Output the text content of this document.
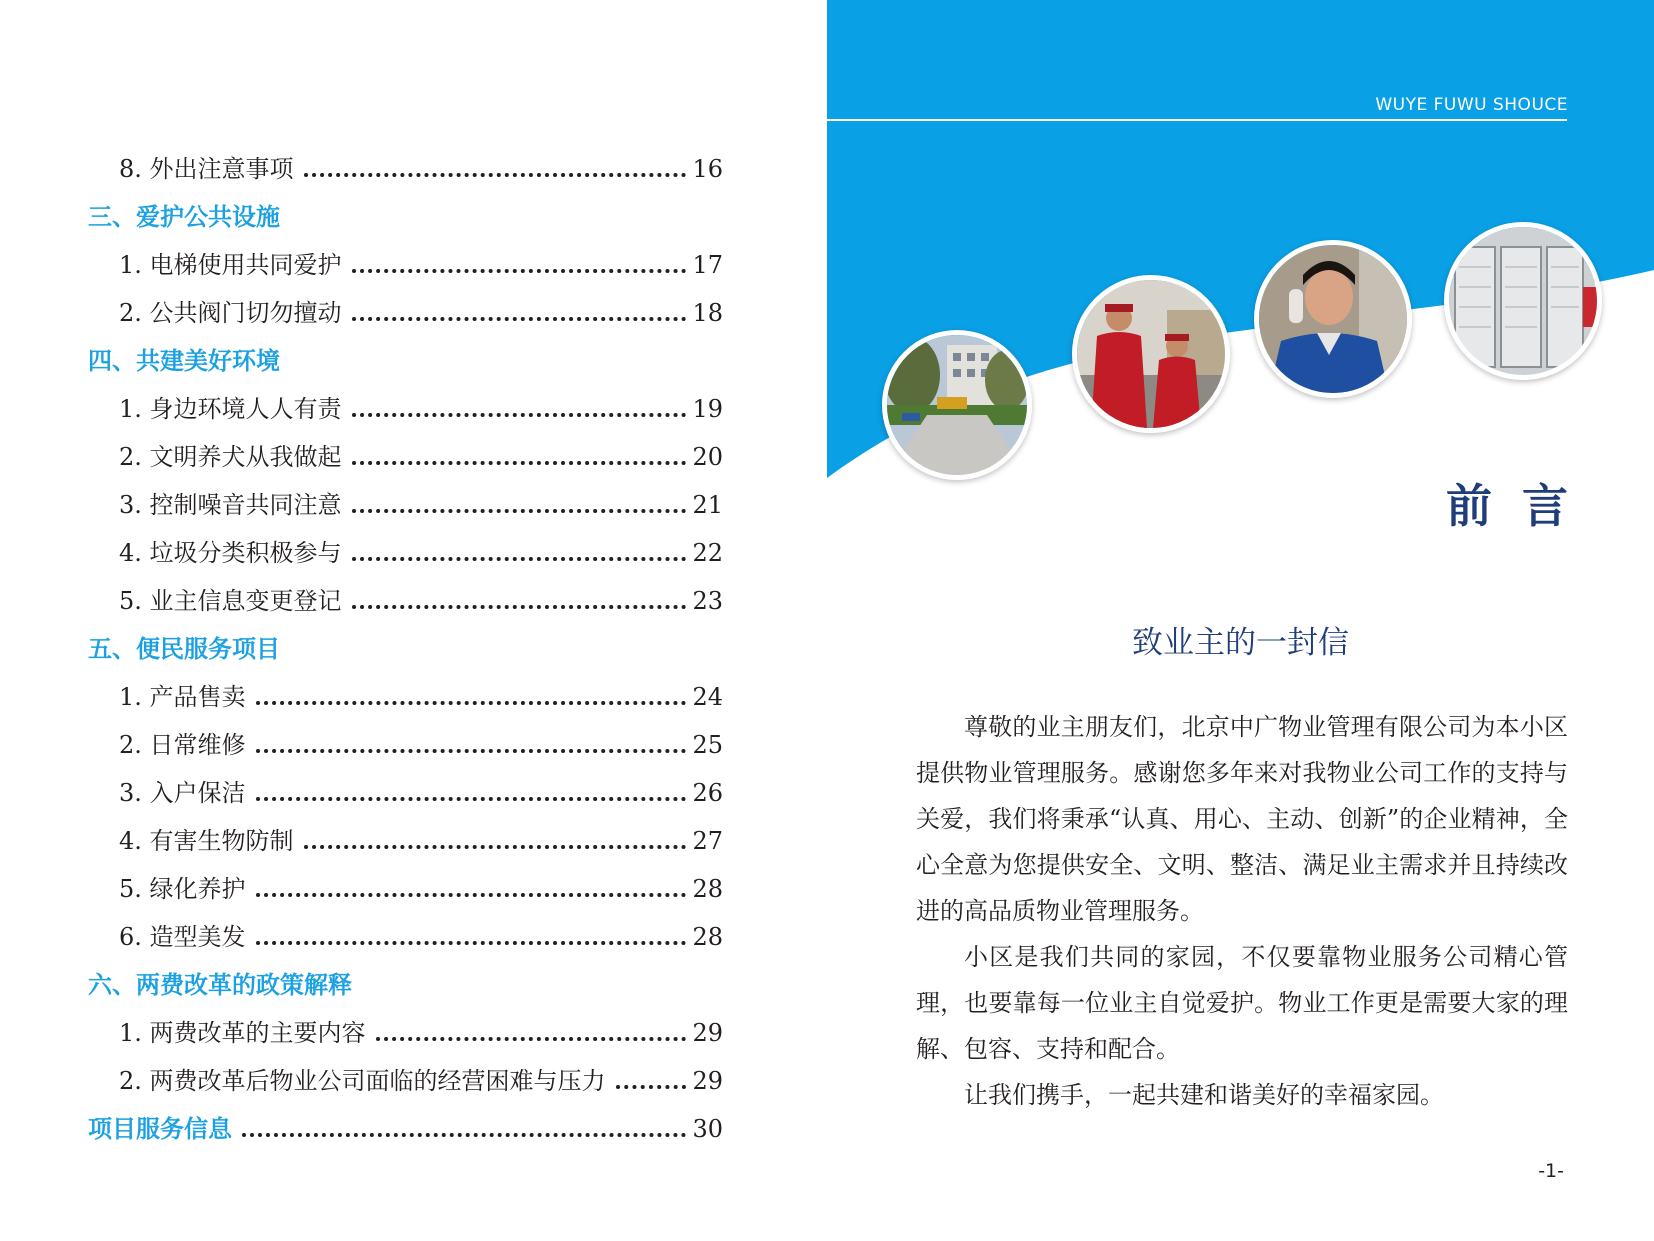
8. 外出注意事项	16
三、爱护公共设施
1. 电梯使用共同爱护	17
2. 公共阀门切勿擅动	18
四、共建美好环境
1. 身边环境人人有责	19
2. 文明养犬从我做起	20
3. 控制噪音共同注意	21
4. 垃圾分类积极参与	22
5. 业主信息变更登记	23
五、便民服务项目
1. 产品售卖	24
2. 日常维修	25
3. 入户保洁	26
4. 有害生物防制	27
5. 绿化养护	28
6. 造型美发	28
六、两费改革的政策解释
1. 两费改革的主要内容	29
2. 两费改革后物业公司面临的经营困难与压力	29
项目服务信息	30
WUYE FUWU SHOUCE
前言
致业主的一封信

尊敬的业主朋友们，北京中广物业管理有限公司为本小区提供物业管理服务。感谢您多年来对我物业公司工作的支持与关爱，我们将秉承“认真、用心、主动、创新”的企业精神，全心全意为您提供安全、文明、整洁、满足业主需求并且持续改进的高品质物业管理服务。

小区是我们共同的家园，不仅要靠物业服务公司精心管理，也要靠每一位业主自觉爱护。物业工作更是需要大家的理解、包容、支持和配合。

让我们携手，一起共建和谐美好的幸福家园。

-1-
